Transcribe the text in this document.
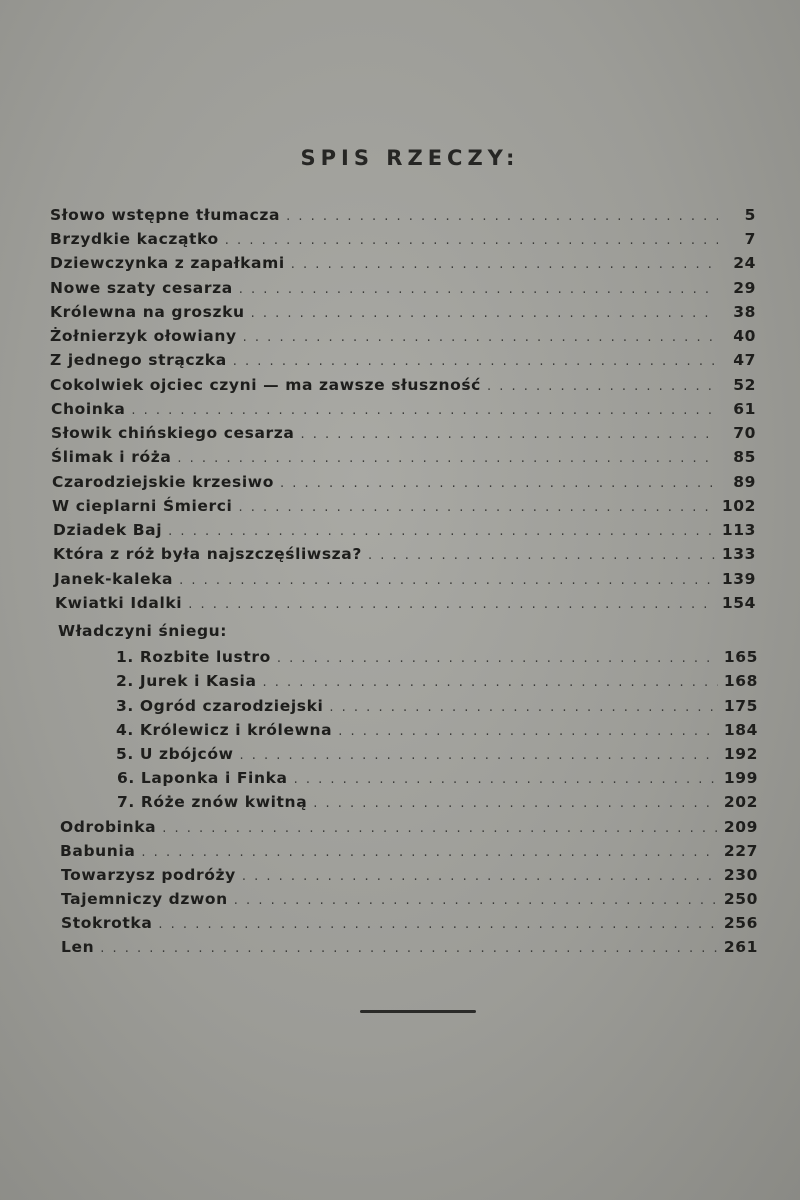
SPIS RZECZY:
Słowo wstępne tłumacza . . .	5
Brzydkie kaczątko . . .	7
Dziewczynka z zapałkami . . .	24
Nowe szaty cesarza . . .	29
Królewna na groszku . . .	38
Żołnierzyk ołowiany . . .	40
Z jednego strączka . . .	47
Cokolwiek ojciec czyni — ma zawsze słuszność . . .	52
Choinka . . .	61
Słowik chińskiego cesarza . . .	70
Ślimak i róża . . .	85
Czarodziejskie krzesiwo . . .	89
W cieplarni Śmierci . . .	102
Dziadek Baj . . .	113
Która z róż była najszczęśliwsza? . . .	133
Janek-kaleka . . .	139
Kwiatki Idalki . . .	154
Władczyni śniegu:
1. Rozbite lustro . . .	165
2. Jurek i Kasia . . .	168
3. Ogród czarodziejski . . .	175
4. Królewicz i królewna . . .	184
5. U zbójców . . .	192
6. Laponka i Finka . . .	199
7. Róże znów kwitną . . .	202
Odrobinka . . .	209
Babunia . . .	227
Towarzysz podróży . . .	230
Tajemniczy dzwon . . .	250
Stokrotka . . .	256
Len . . .	261
